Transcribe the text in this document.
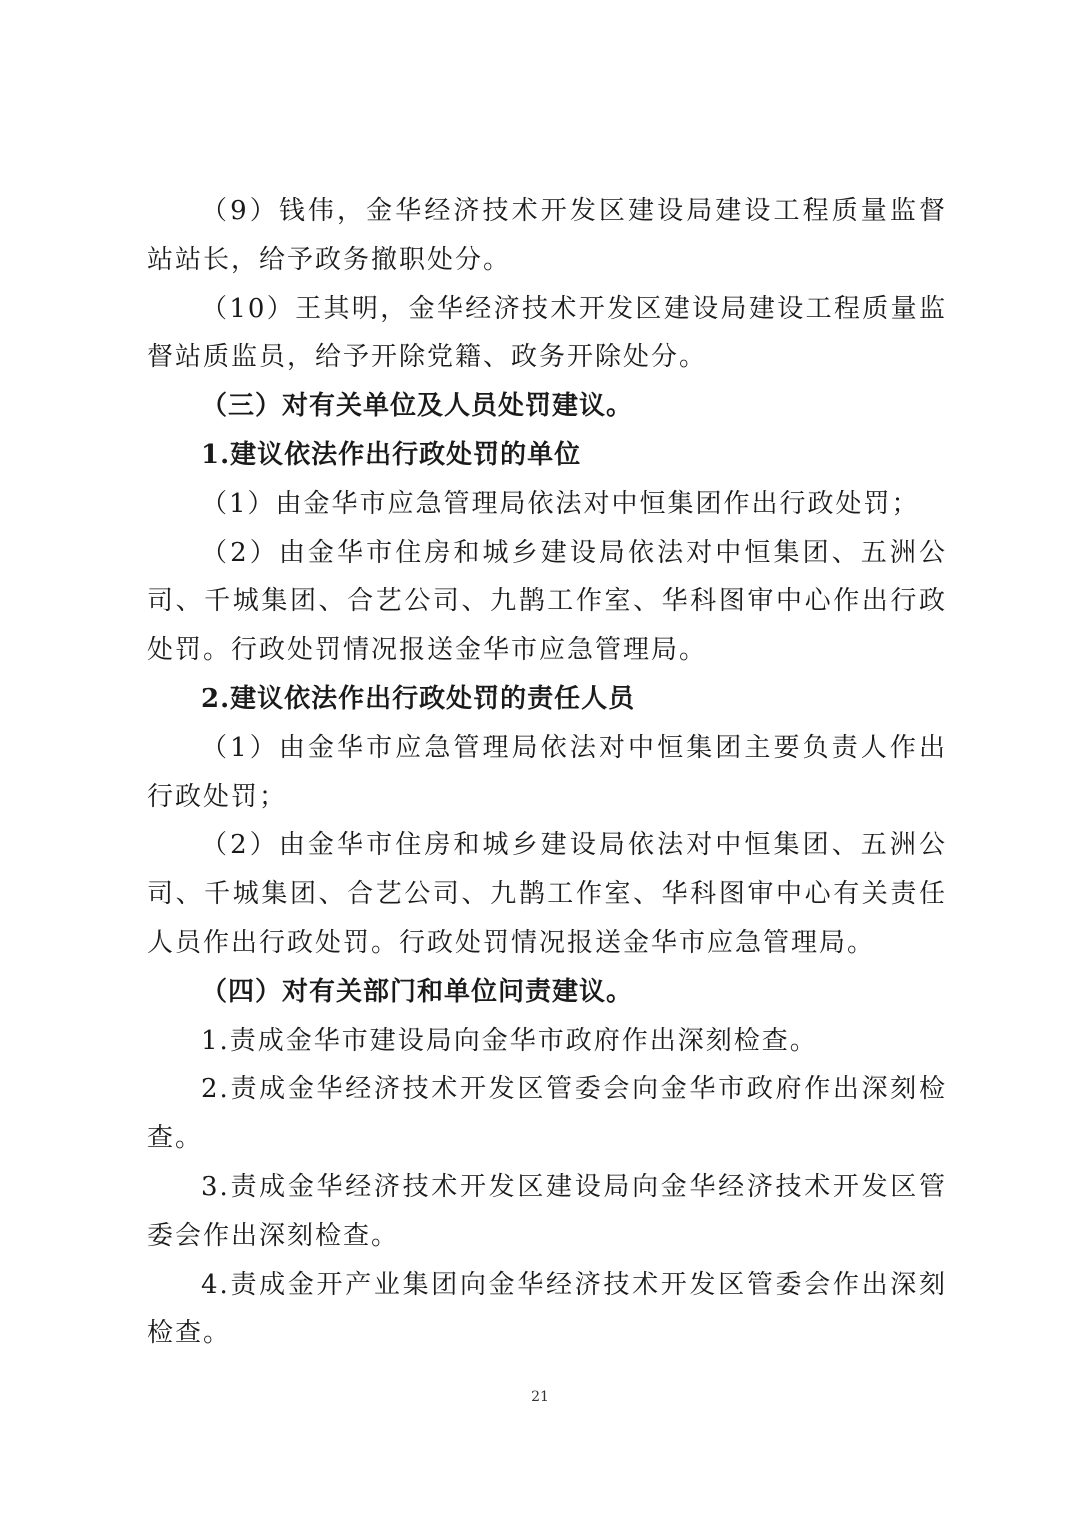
（9）钱伟，金华经济技术开发区建设局建设工程质量监督站站长，给予政务撤职处分。

（10）王其明，金华经济技术开发区建设局建设工程质量监督站质监员，给予开除党籍、政务开除处分。

（三）对有关单位及人员处罚建议。

1.建议依法作出行政处罚的单位

（1）由金华市应急管理局依法对中恒集团作出行政处罚；

（2）由金华市住房和城乡建设局依法对中恒集团、五洲公司、千城集团、合艺公司、九鹊工作室、华科图审中心作出行政处罚。行政处罚情况报送金华市应急管理局。

2.建议依法作出行政处罚的责任人员

（1）由金华市应急管理局依法对中恒集团主要负责人作出行政处罚；

（2）由金华市住房和城乡建设局依法对中恒集团、五洲公司、千城集团、合艺公司、九鹊工作室、华科图审中心有关责任人员作出行政处罚。行政处罚情况报送金华市应急管理局。

（四）对有关部门和单位问责建议。

1.责成金华市建设局向金华市政府作出深刻检查。

2.责成金华经济技术开发区管委会向金华市政府作出深刻检查。

3.责成金华经济技术开发区建设局向金华经济技术开发区管委会作出深刻检查。

4.责成金开产业集团向金华经济技术开发区管委会作出深刻检查。

21
